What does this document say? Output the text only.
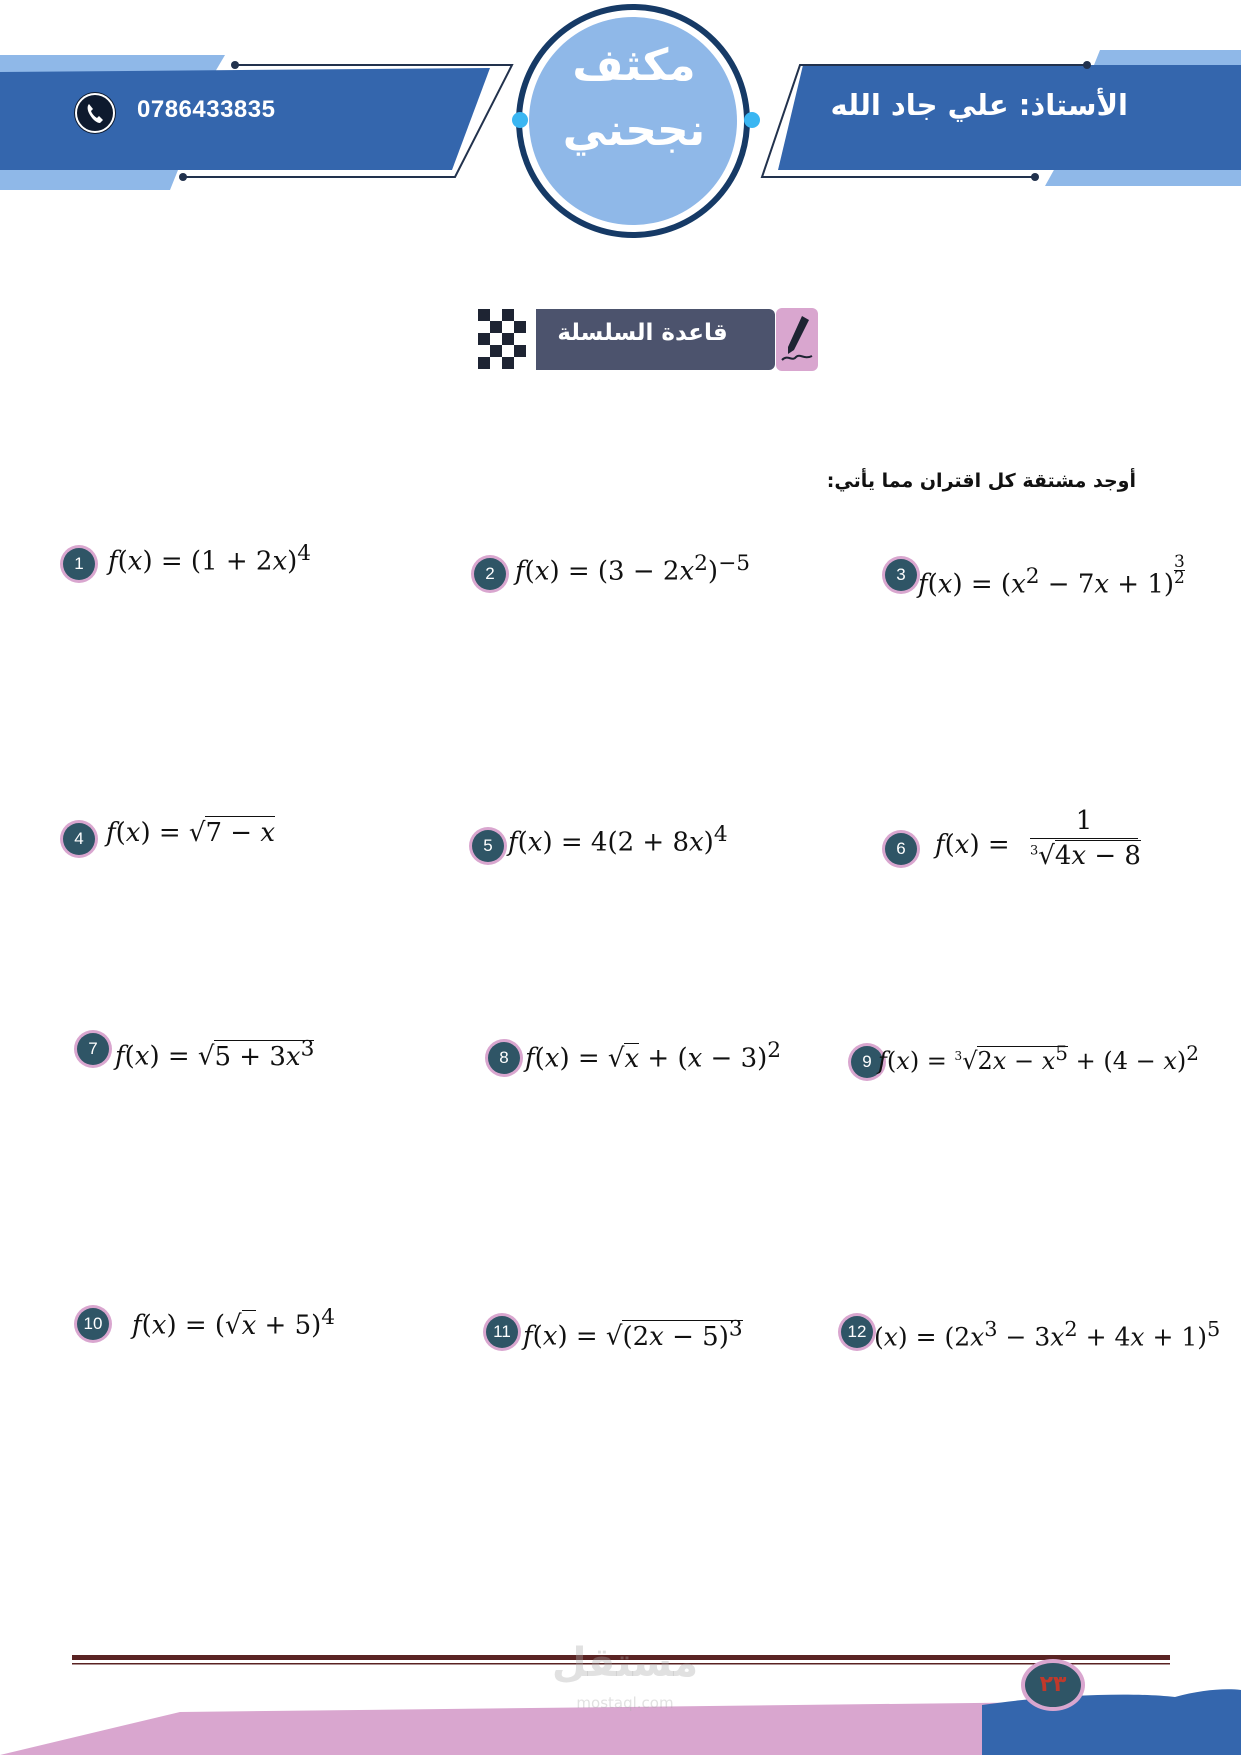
الأستاذ: علي جاد الله
0786433835
مكثف
نجحني
قاعدة السلسلة
أوجد مشتقة كل اقتران مما يأتي:
1 $f(x) = (1 + 2x)^4$
2 $f(x) = (3 - 2x^2)^{-5}$	3 $f(x) = (x^2 - 7x + 1)$ $^{\frac{3}{2}}$
4 f(x) = √7 − x	5 $f(x) = 4(2 + 8x)^4$
6	f(x) =
1
$^3$√4x − 8
7 $f(x) = √5 + 3x^3$	8 $f(x) = √x + (x - 3)^2$	9 $f(x) = ^3√2x - x^5 + (4 - x)^2$
10 $f(x) = (√x + 5)^4$
11 $f(x) = √(2x - 5)^3$	12 $(x) = (2x^3 - 3x^2 + 4x + 1)^5$
مستقل
mostaql.com
٢٣
